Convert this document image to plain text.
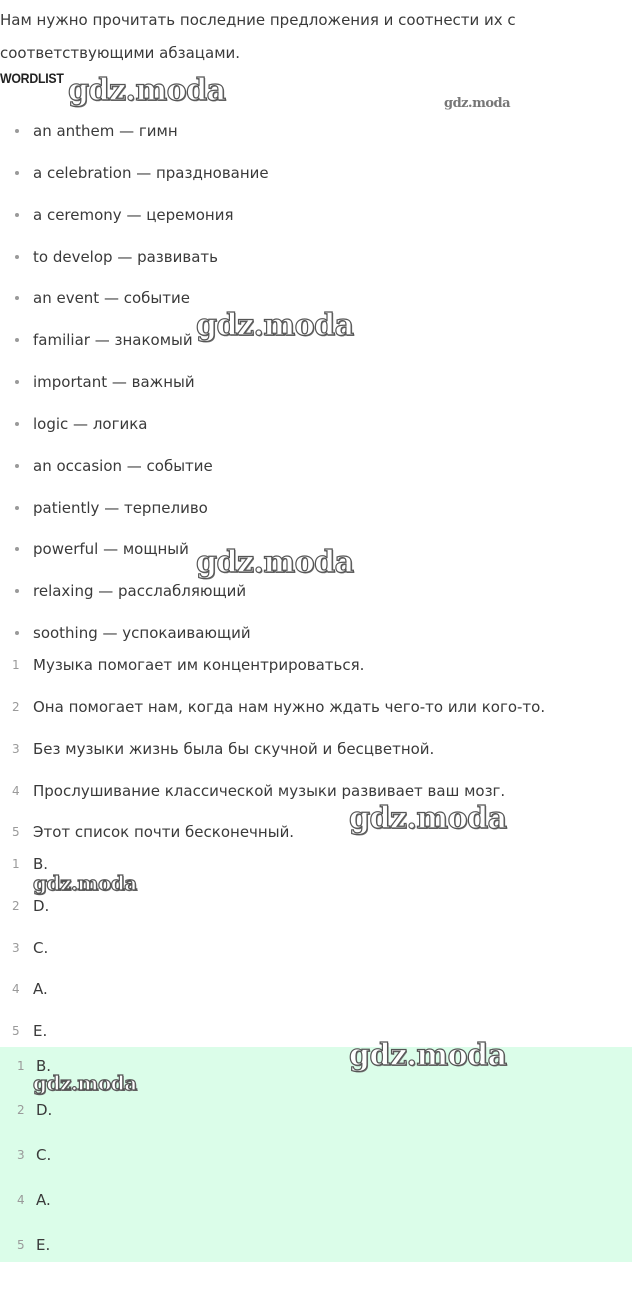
Нам нужно прочитать последние предложения и соотнести их с соответствующими абзацами.

WORDLIST
an anthem — гимн
a celebration — празднование
a ceremony — церемония
to develop — развивать
an event — событие
familiar — знакомый
important — важный
logic — логика
an occasion — событие
patiently — терпеливо
powerful — мощный
relaxing — расслабляющий
soothing — успокаивающий
1 Музыка помогает им концентрироваться.
2 Она помогает нам, когда нам нужно ждать чего-то или кого-то.
3 Без музыки жизнь была бы скучной и бесцветной.
4 Прослушивание классической музыки развивает ваш мозг.
5 Этот список почти бесконечный.
1 B.
2 D.
3 C.
4 A.
5 E.
1 B.
2 D.
3 C.
4 A.
5 E.
gdz.moda	gdz.moda
gdz.moda
gdz.moda
gdz.moda
gdz.moda
gdz.moda
gdz.moda
